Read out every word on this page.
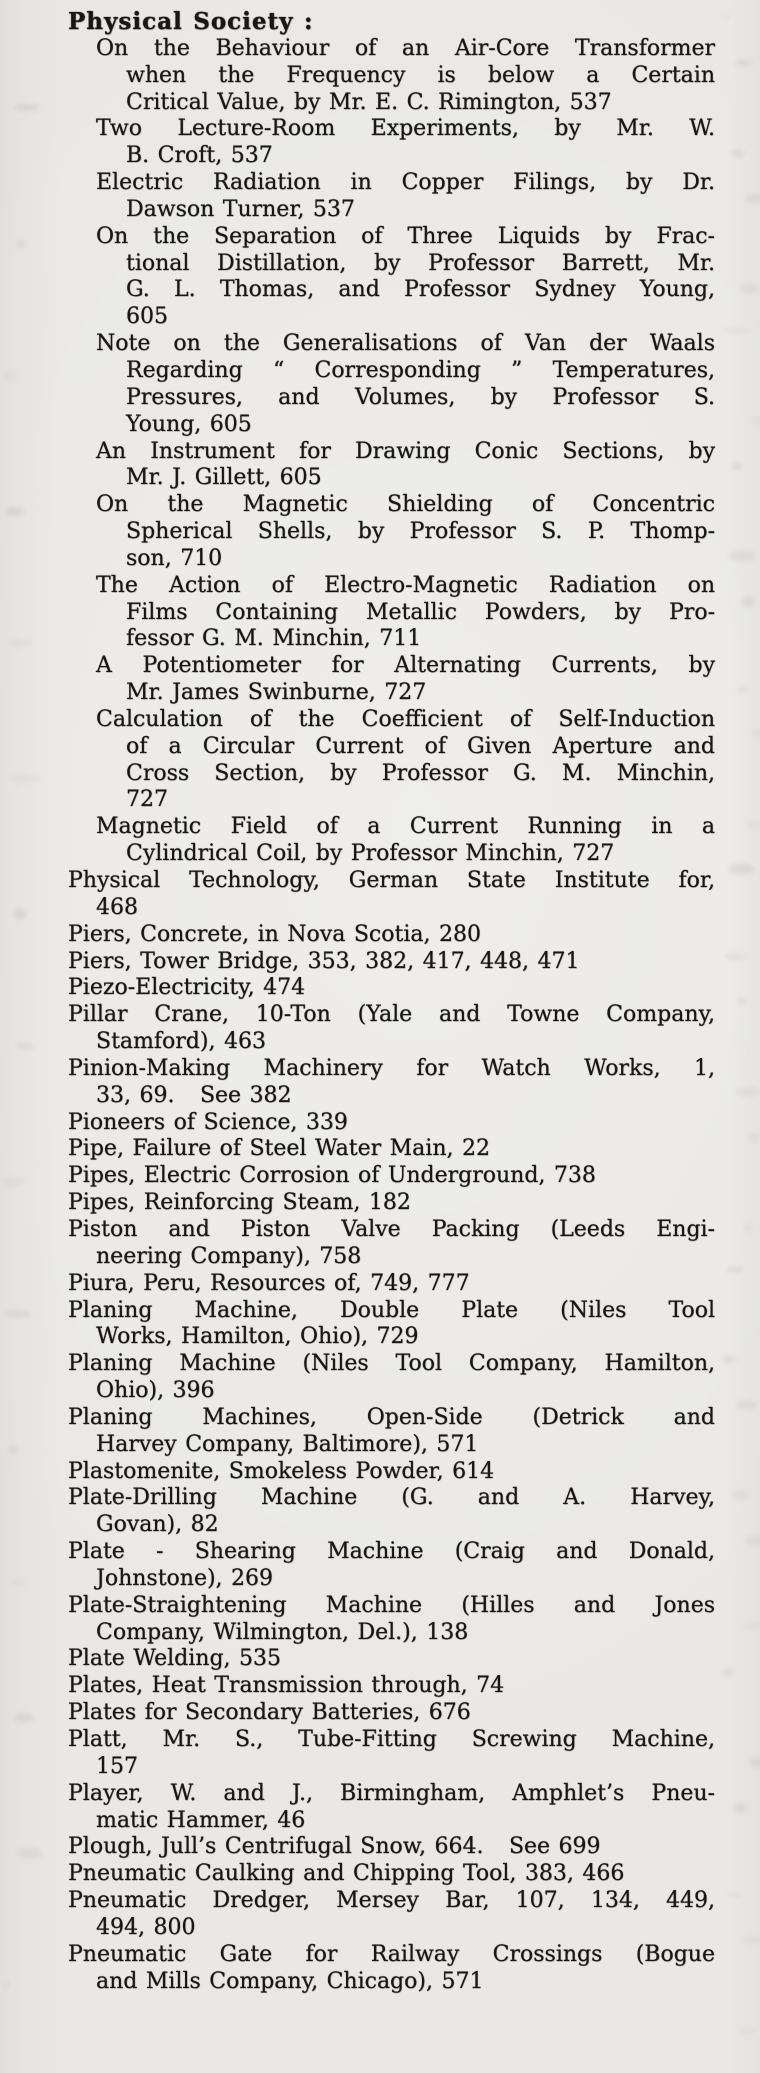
Physical Society :
On the Behaviour of an Air-Core Transformer
when the Frequency is below a Certain
Critical Value, by Mr. E. C. Rimington, 537
Two Lecture-Room Experiments, by Mr. W.
B. Croft, 537
Electric Radiation in Copper Filings, by Dr.
Dawson Turner, 537
On the Separation of Three Liquids by Frac-
tional Distillation, by Professor Barrett, Mr.
G. L. Thomas, and Professor Sydney Young,
605
Note on the Generalisations of Van der Waals
Regarding “ Corresponding ” Temperatures,
Pressures, and Volumes, by Professor S.
Young, 605
An Instrument for Drawing Conic Sections, by
Mr. J. Gillett, 605
On the Magnetic Shielding of Concentric
Spherical Shells, by Professor S. P. Thomp-
son, 710
The Action of Electro-Magnetic Radiation on
Films Containing Metallic Powders, by Pro-
fessor G. M. Minchin, 711
A Potentiometer for Alternating Currents, by
Mr. James Swinburne, 727
Calculation of the Coefficient of Self-Induction
of a Circular Current of Given Aperture and
Cross Section, by Professor G. M. Minchin,
727
Magnetic Field of a Current Running in a
Cylindrical Coil, by Professor Minchin, 727
Physical Technology, German State Institute for,
468
Piers, Concrete, in Nova Scotia, 280
Piers, Tower Bridge, 353, 382, 417, 448, 471
Piezo-Electricity, 474
Pillar Crane, 10-Ton (Yale and Towne Company,
Stamford), 463
Pinion-Making Machinery for Watch Works, 1,
33, 69.   See 382
Pioneers of Science, 339
Pipe, Failure of Steel Water Main, 22
Pipes, Electric Corrosion of Underground, 738
Pipes, Reinforcing Steam, 182
Piston and Piston Valve Packing (Leeds Engi-
neering Company), 758
Piura, Peru, Resources of, 749, 777
Planing Machine, Double Plate (Niles Tool
Works, Hamilton, Ohio), 729
Planing Machine (Niles Tool Company, Hamilton,
Ohio), 396
Planing Machines, Open-Side (Detrick and
Harvey Company, Baltimore), 571
Plastomenite, Smokeless Powder, 614
Plate-Drilling Machine (G. and A. Harvey,
Govan), 82
Plate - Shearing Machine (Craig and Donald,
Johnstone), 269
Plate-Straightening Machine (Hilles and Jones
Company, Wilmington, Del.), 138
Plate Welding, 535
Plates, Heat Transmission through, 74
Plates for Secondary Batteries, 676
Platt, Mr. S., Tube-Fitting Screwing Machine,
157
Player, W. and J., Birmingham, Amphlet’s Pneu-
matic Hammer, 46
Plough, Jull’s Centrifugal Snow, 664.   See 699
Pneumatic Caulking and Chipping Tool, 383, 466
Pneumatic Dredger, Mersey Bar, 107, 134, 449,
494, 800
Pneumatic Gate for Railway Crossings (Bogue
and Mills Company, Chicago), 571
